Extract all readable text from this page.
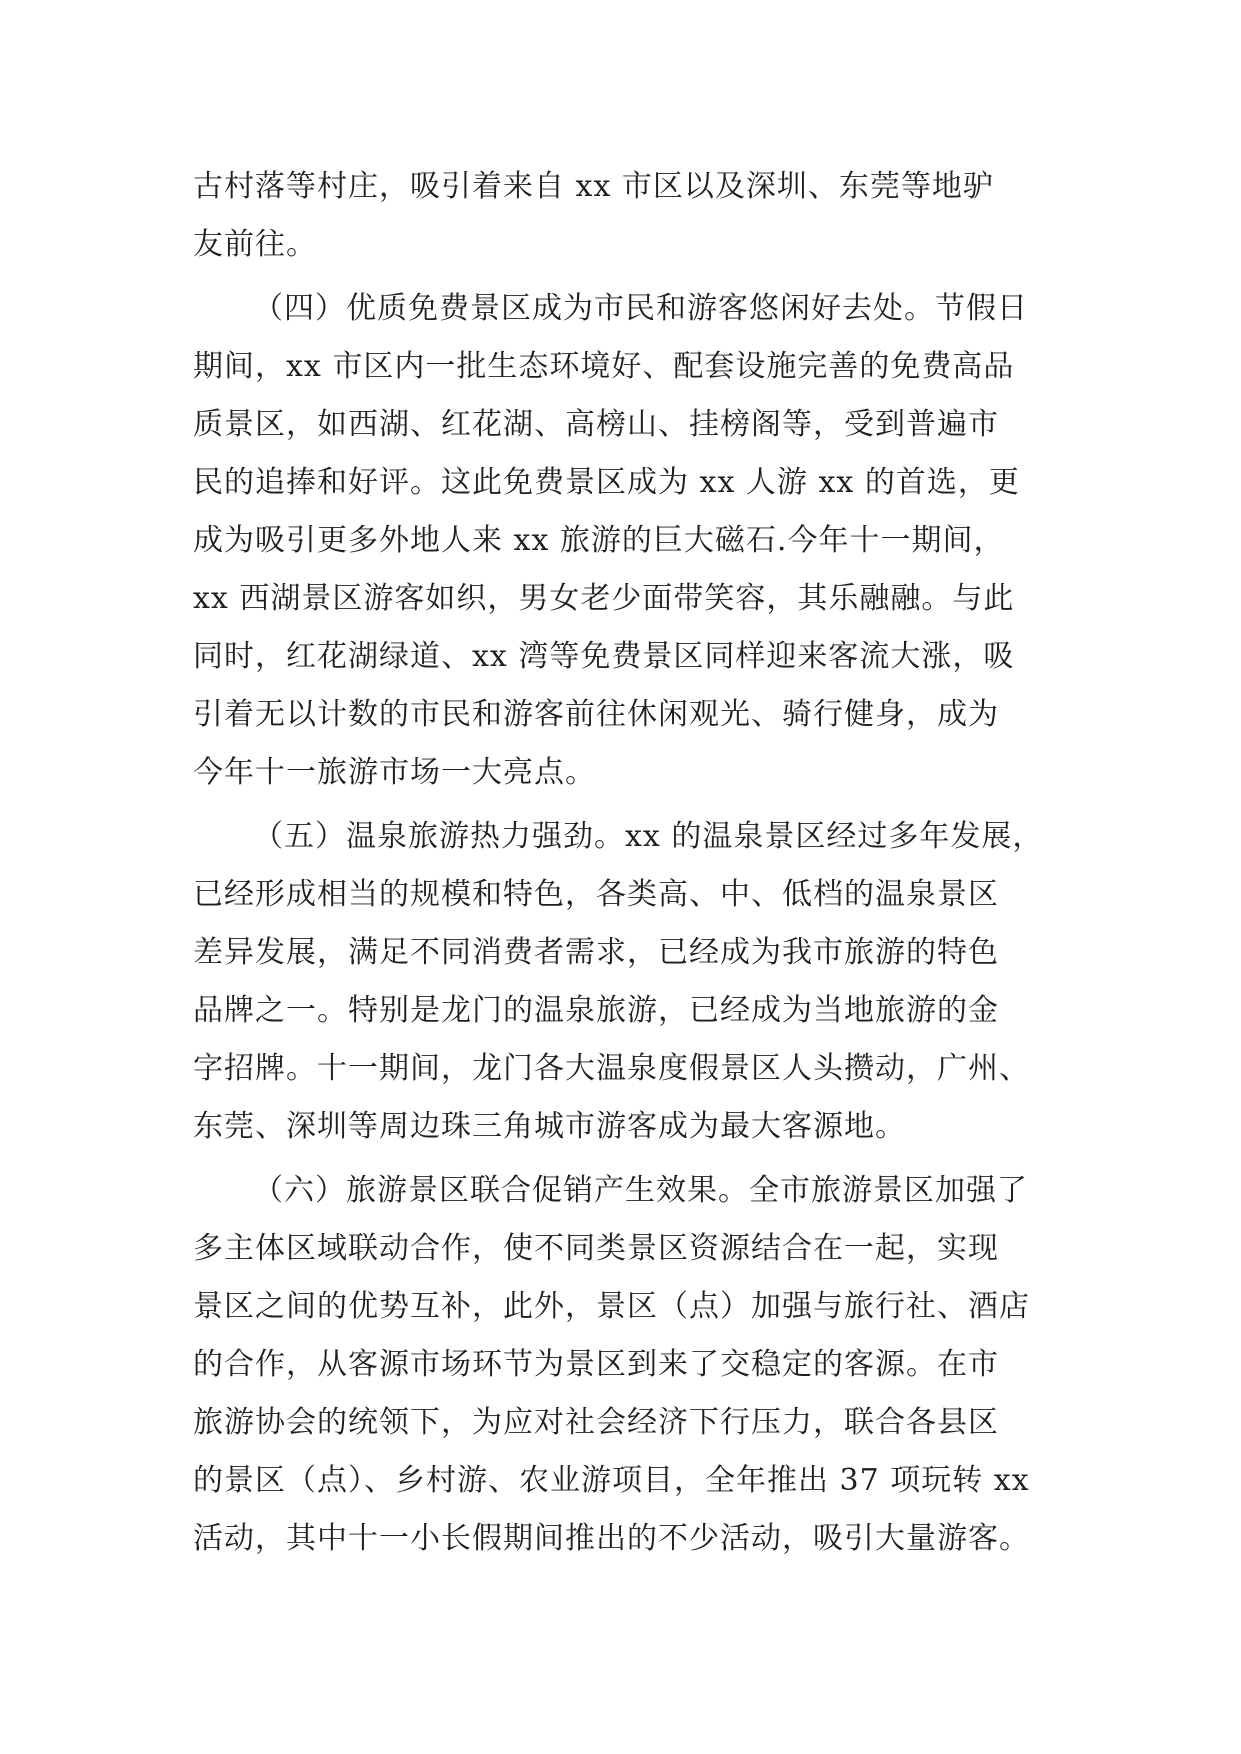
古村落等村庄，吸引着来自 xx 市区以及深圳、东莞等地驴
友前往。
（四）优质免费景区成为市民和游客悠闲好去处。节假日
期间，xx 市区内一批生态环境好、配套设施完善的免费高品
质景区，如西湖、红花湖、高榜山、挂榜阁等，受到普遍市
民的追捧和好评。这此免费景区成为 xx 人游 xx 的首选，更
成为吸引更多外地人来 xx 旅游的巨大磁石.今年十一期间，
xx 西湖景区游客如织，男女老少面带笑容，其乐融融。与此
同时，红花湖绿道、xx 湾等免费景区同样迎来客流大涨，吸
引着无以计数的市民和游客前往休闲观光、骑行健身，成为
今年十一旅游市场一大亮点。
（五）温泉旅游热力强劲。xx 的温泉景区经过多年发展，
已经形成相当的规模和特色，各类高、中、低档的温泉景区
差异发展，满足不同消费者需求，已经成为我市旅游的特色
品牌之一。特别是龙门的温泉旅游，已经成为当地旅游的金
字招牌。十一期间，龙门各大温泉度假景区人头攒动，广州、
东莞、深圳等周边珠三角城市游客成为最大客源地。
（六）旅游景区联合促销产生效果。全市旅游景区加强了
多主体区域联动合作，使不同类景区资源结合在一起，实现
景区之间的优势互补，此外，景区（点）加强与旅行社、酒店
的合作，从客源市场环节为景区到来了交稳定的客源。在市
旅游协会的统领下，为应对社会经济下行压力，联合各县区
的景区（点）、乡村游、农业游项目，全年推出 37 项玩转 xx
活动，其中十一小长假期间推出的不少活动，吸引大量游客。
